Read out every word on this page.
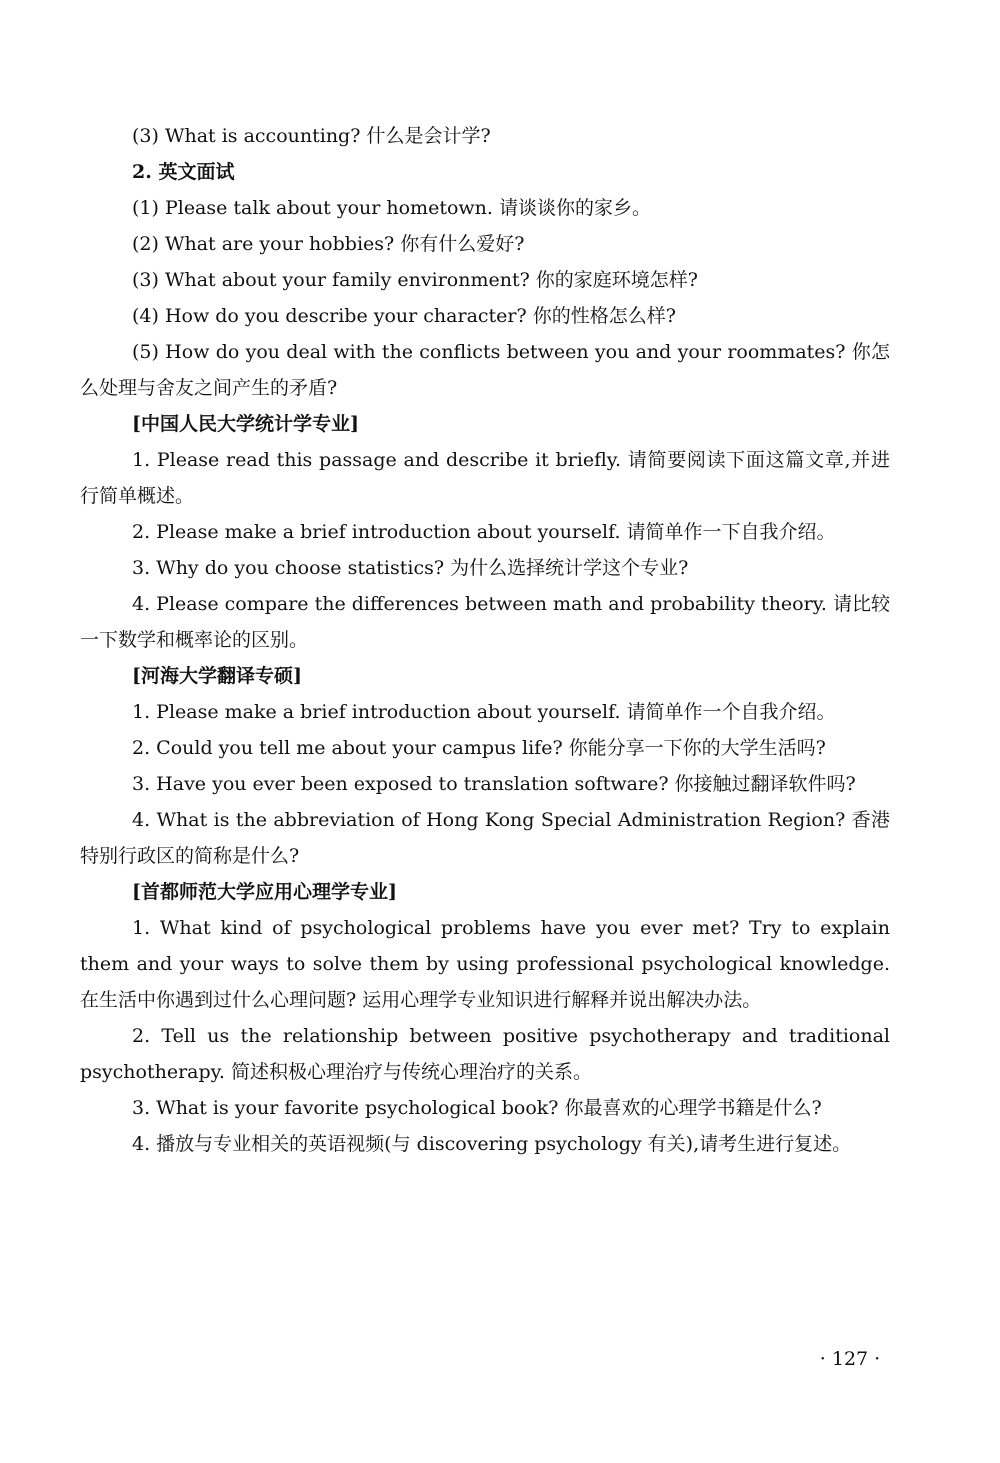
(3) What is accounting? 什么是会计学?

2. 英文面试

(1) Please talk about your hometown. 请谈谈你的家乡。

(2) What are your hobbies? 你有什么爱好?

(3) What about your family environment? 你的家庭环境怎样?

(4) How do you describe your character? 你的性格怎么样?

(5) How do you deal with the conflicts between you and your roommates? 你怎么处理与舍友之间产生的矛盾?

[中国人民大学统计学专业]

1. Please read this passage and describe it briefly. 请简要阅读下面这篇文章,并进行简单概述。

2. Please make a brief introduction about yourself. 请简单作一下自我介绍。

3. Why do you choose statistics? 为什么选择统计学这个专业?

4. Please compare the differences between math and probability theory. 请比较一下数学和概率论的区别。

[河海大学翻译专硕]

1. Please make a brief introduction about yourself. 请简单作一个自我介绍。

2. Could you tell me about your campus life? 你能分享一下你的大学生活吗?

3. Have you ever been exposed to translation software? 你接触过翻译软件吗?

4. What is the abbreviation of Hong Kong Special Administration Region? 香港特别行政区的简称是什么?

[首都师范大学应用心理学专业]

1. What kind of psychological problems have you ever met? Try to explain them and your ways to solve them by using professional psychological knowledge. 在生活中你遇到过什么心理问题? 运用心理学专业知识进行解释并说出解决办法。

2. Tell us the relationship between positive psychotherapy and traditional psychotherapy. 简述积极心理治疗与传统心理治疗的关系。

3. What is your favorite psychological book? 你最喜欢的心理学书籍是什么?

4. 播放与专业相关的英语视频(与 discovering psychology 有关),请考生进行复述。

· 127 ·
